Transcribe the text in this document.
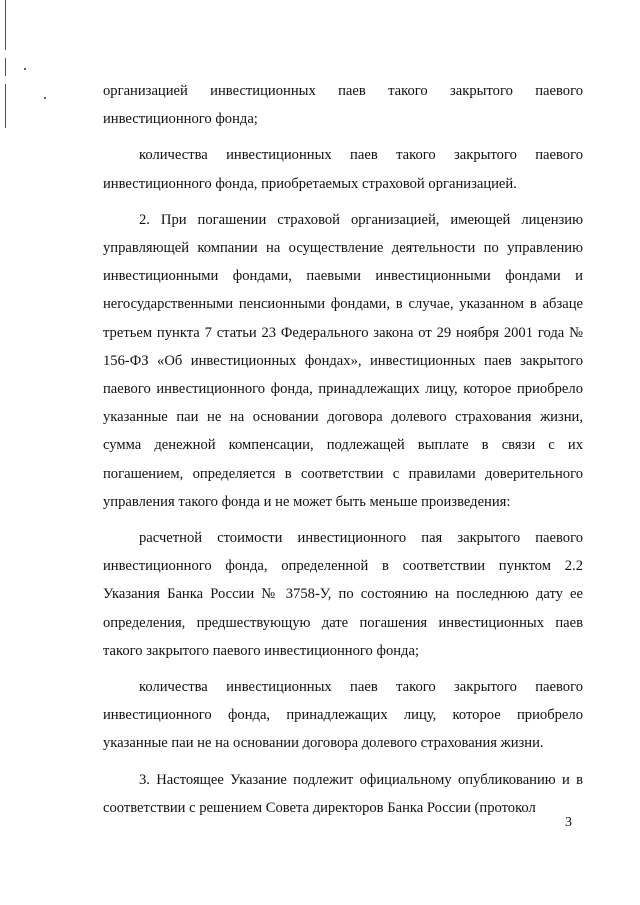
организацией инвестиционных паев такого закрытого паевого инвестиционного фонда;

количества инвестиционных паев такого закрытого паевого инвестиционного фонда, приобретаемых страховой организацией.

2. При погашении страховой организацией, имеющей лицензию управляющей компании на осуществление деятельности по управлению инвестиционными фондами, паевыми инвестиционными фондами и негосударственными пенсионными фондами, в случае, указанном в абзаце третьем пункта 7 статьи 23 Федерального закона от 29 ноября 2001 года № 156-ФЗ «Об инвестиционных фондах», инвестиционных паев закрытого паевого инвестиционного фонда, принадлежащих лицу, которое приобрело указанные паи не на основании договора долевого страхования жизни, сумма денежной компенсации, подлежащей выплате в связи с их погашением, определяется в соответствии с правилами доверительного управления такого фонда и не может быть меньше произведения:

расчетной стоимости инвестиционного пая закрытого паевого инвестиционного фонда, определенной в соответствии пунктом 2.2 Указания Банка России № 3758-У, по состоянию на последнюю дату ее определения, предшествующую дате погашения инвестиционных паев такого закрытого паевого инвестиционного фонда;

количества инвестиционных паев такого закрытого паевого инвестиционного фонда, принадлежащих лицу, которое приобрело указанные паи не на основании договора долевого страхования жизни.

3. Настоящее Указание подлежит официальному опубликованию и в соответствии с решением Совета директоров Банка России (протокол

3
